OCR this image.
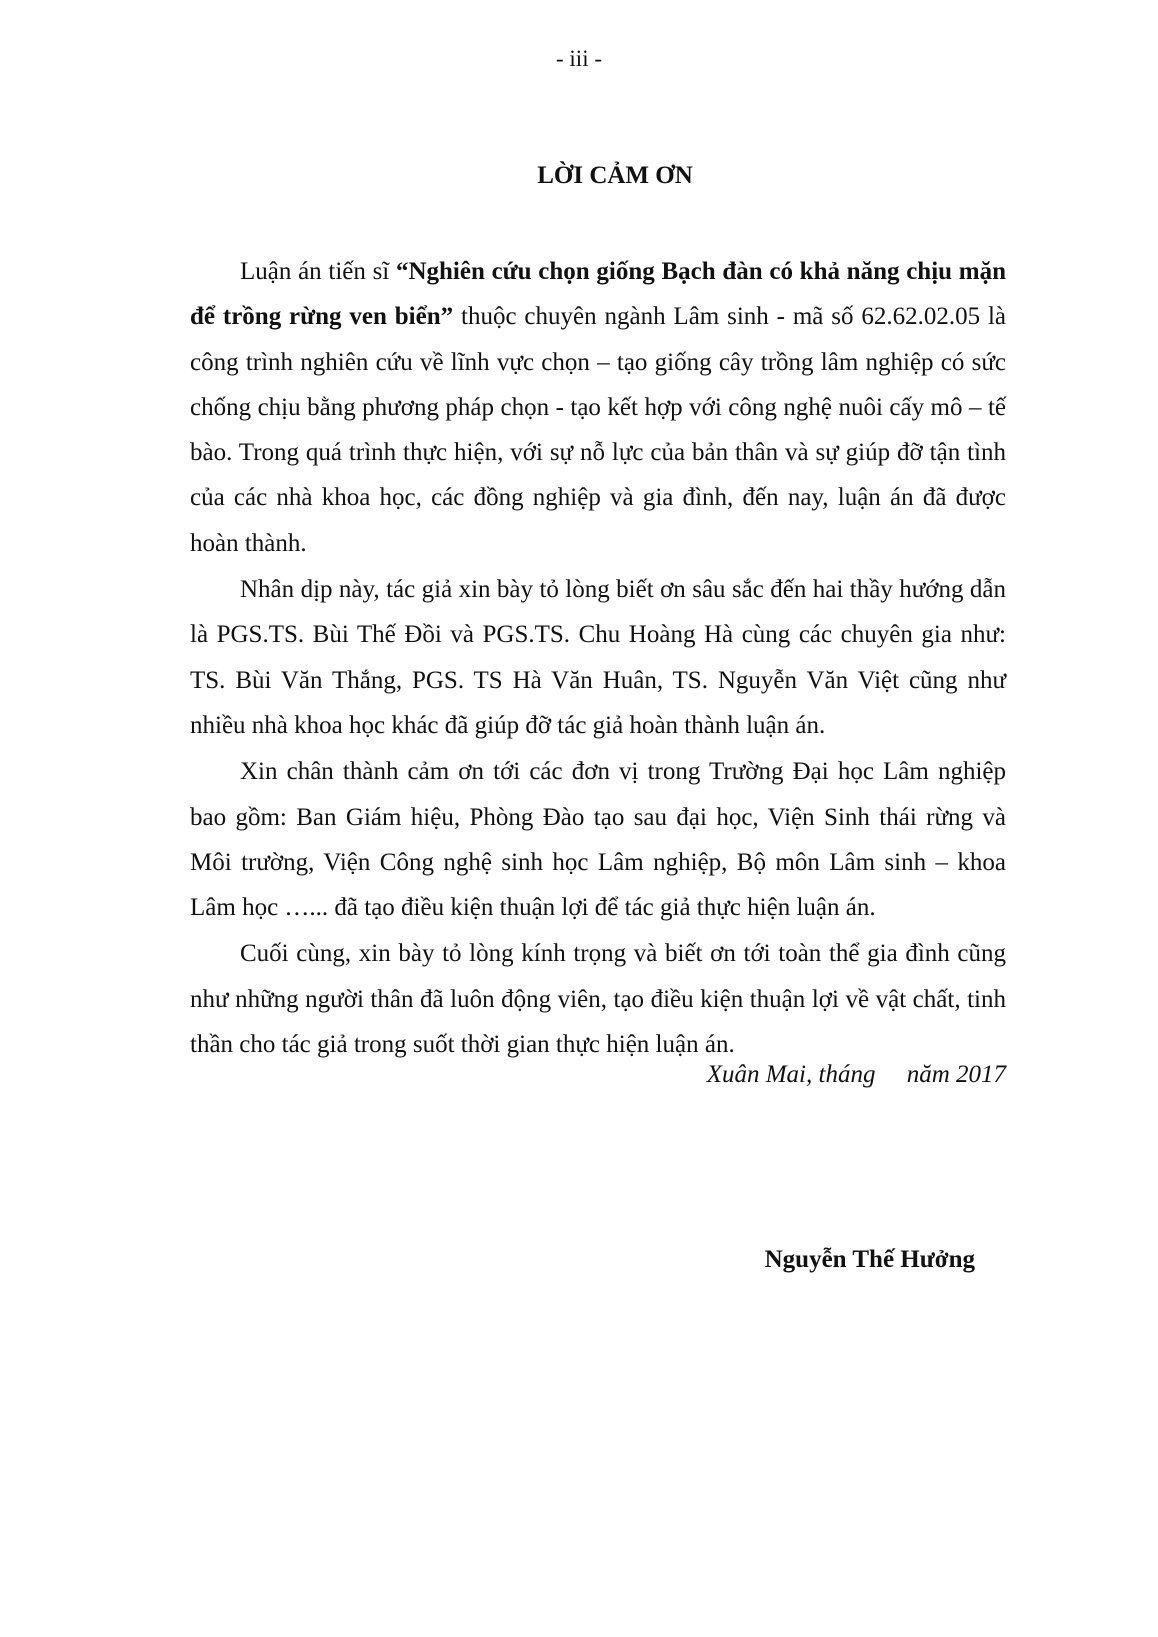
- iii -
LỜI CẢM ƠN

Luận án tiến sĩ “Nghiên cứu chọn giống Bạch đàn có khả năng chịu mặn để trồng rừng ven biển” thuộc chuyên ngành Lâm sinh - mã số 62.62.02.05 là công trình nghiên cứu về lĩnh vực chọn – tạo giống cây trồng lâm nghiệp có sức chống chịu bằng phương pháp chọn - tạo kết hợp với công nghệ nuôi cấy mô – tế bào. Trong quá trình thực hiện, với sự nỗ lực của bản thân và sự giúp đỡ tận tình của các nhà khoa học, các đồng nghiệp và gia đình, đến nay, luận án đã được hoàn thành.

Nhân dịp này, tác giả xin bày tỏ lòng biết ơn sâu sắc đến hai thầy hướng dẫn là PGS.TS. Bùi Thế Đồi và PGS.TS. Chu Hoàng Hà cùng các chuyên gia như: TS. Bùi Văn Thắng, PGS. TS Hà Văn Huân, TS. Nguyễn Văn Việt cũng như nhiều nhà khoa học khác đã giúp đỡ tác giả hoàn thành luận án.

Xin chân thành cảm ơn tới các đơn vị trong Trường Đại học Lâm nghiệp bao gồm: Ban Giám hiệu, Phòng Đào tạo sau đại học, Viện Sinh thái rừng và Môi trường, Viện Công nghệ sinh học Lâm nghiệp, Bộ môn Lâm sinh – khoa Lâm học …... đã tạo điều kiện thuận lợi để tác giả thực hiện luận án.

Cuối cùng, xin bày tỏ lòng kính trọng và biết ơn tới toàn thể gia đình cũng như những người thân đã luôn động viên, tạo điều kiện thuận lợi về vật chất, tinh thần cho tác giả trong suốt thời gian thực hiện luận án.

Xuân Mai, tháng     năm 2017
Nguyễn Thế Hưởng
